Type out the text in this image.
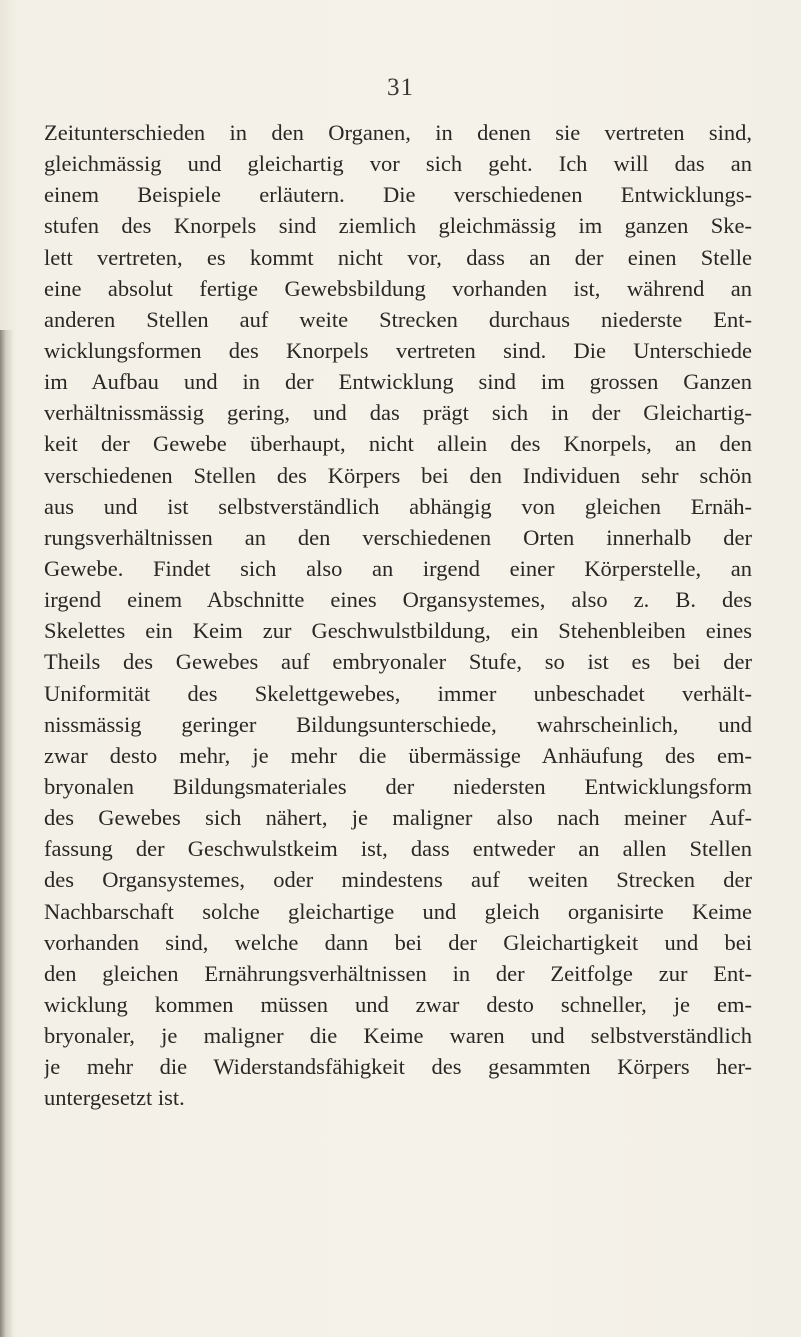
31
Zeitunterschieden in den Organen, in denen sie vertreten sind,
gleichmässig und gleichartig vor sich geht. Ich will das an
einem Beispiele erläutern. Die verschiedenen Entwicklungs-
stufen des Knorpels sind ziemlich gleichmässig im ganzen Ske-
lett vertreten, es kommt nicht vor, dass an der einen Stelle
eine absolut fertige Gewebsbildung vorhanden ist, während an
anderen Stellen auf weite Strecken durchaus niederste Ent-
wicklungsformen des Knorpels vertreten sind. Die Unterschiede
im Aufbau und in der Entwicklung sind im grossen Ganzen
verhältnissmässig gering, und das prägt sich in der Gleichartig-
keit der Gewebe überhaupt, nicht allein des Knorpels, an den
verschiedenen Stellen des Körpers bei den Individuen sehr schön
aus und ist selbstverständlich abhängig von gleichen Ernäh-
rungsverhältnissen an den verschiedenen Orten innerhalb der
Gewebe. Findet sich also an irgend einer Körperstelle, an
irgend einem Abschnitte eines Organsystemes, also z. B. des
Skelettes ein Keim zur Geschwulstbildung, ein Stehenbleiben eines
Theils des Gewebes auf embryonaler Stufe, so ist es bei der
Uniformität des Skelettgewebes, immer unbeschadet verhält-
nissmässig geringer Bildungsunterschiede, wahrscheinlich, und
zwar desto mehr, je mehr die übermässige Anhäufung des em-
bryonalen Bildungsmateriales der niedersten Entwicklungsform
des Gewebes sich nähert, je maligner also nach meiner Auf-
fassung der Geschwulstkeim ist, dass entweder an allen Stellen
des Organsystemes, oder mindestens auf weiten Strecken der
Nachbarschaft solche gleichartige und gleich organisirte Keime
vorhanden sind, welche dann bei der Gleichartigkeit und bei
den gleichen Ernährungsverhältnissen in der Zeitfolge zur Ent-
wicklung kommen müssen und zwar desto schneller, je em-
bryonaler, je maligner die Keime waren und selbstverständlich
je mehr die Widerstandsfähigkeit des gesammten Körpers her-
untergesetzt ist.
